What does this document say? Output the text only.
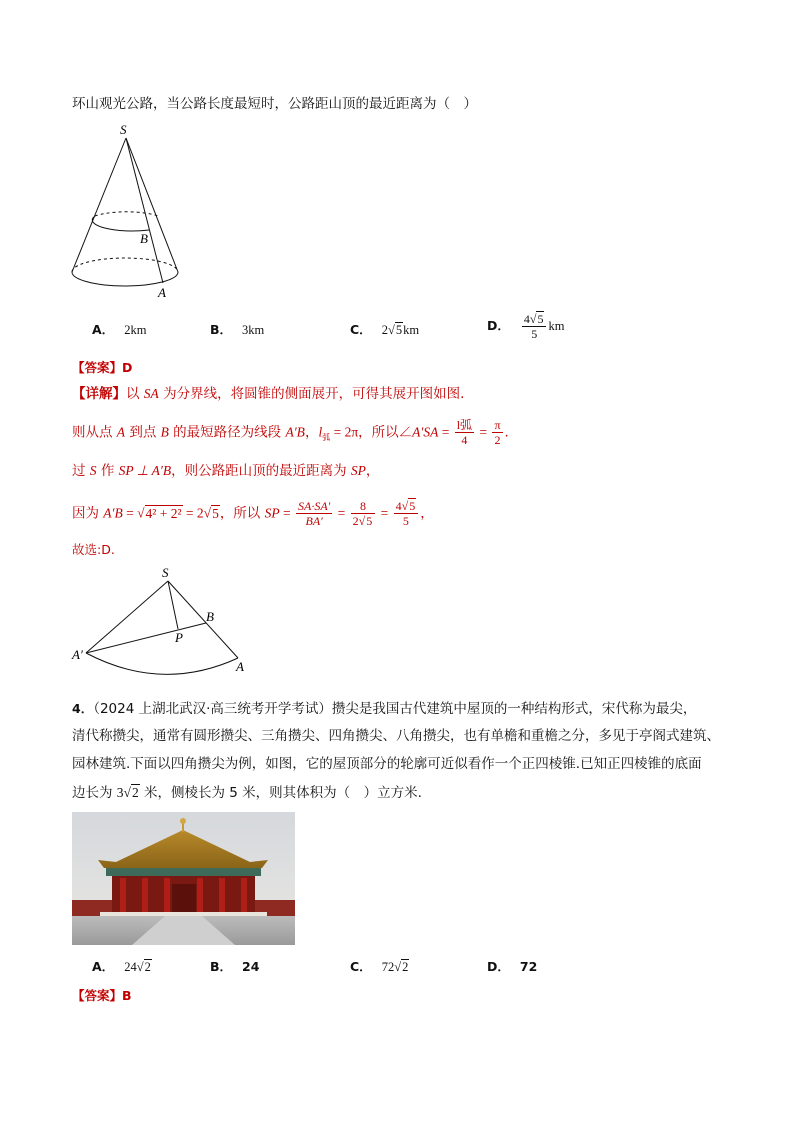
环山观光公路，当公路长度最短时，公路距山顶的最近距离为（　）
S
B
A
A． 2km	B． 3km	C． 2√5km	D． $\frac{4√5}{5}$ km
【答案】D
【详解】以 SA 为分界线，将圆锥的侧面展开，可得其展开图如图.
则从点 A 到点 B 的最短路径为线段 A′B，$l_弧 = 2\pi$，所以∠A′SA = $\frac{\text{l弧}}{4} = \frac{\pi}{2}$ .
过 S 作 SP ⊥ A′B，则公路距山顶的最近距离为 SP，
因为 A′B = √4² + 2² = 2√5，所以 SP = $\frac{SA\cdot SA'}{BA'} = \frac{8}{2√5} = \frac{4√5}{5}$ ，
故选:D.
S
B
P
A′
A
4．（2024 上湖北武汉·高三统考开学考试）攒尖是我国古代建筑中屋顶的一种结构形式，宋代称为最尖，
清代称攒尖，通常有圆形攒尖、三角攒尖、四角攒尖、八角攒尖，也有单檐和重檐之分，多见于亭阁式建筑、
园林建筑.下面以四角攒尖为例，如图，它的屋顶部分的轮廓可近似看作一个正四棱锥.已知正四棱锥的底面
边长为 3√2 米，侧棱长为 5 米，则其体积为（　）立方米.
A． 24√2	B． 24	C． 72√2	D． 72
【答案】B
